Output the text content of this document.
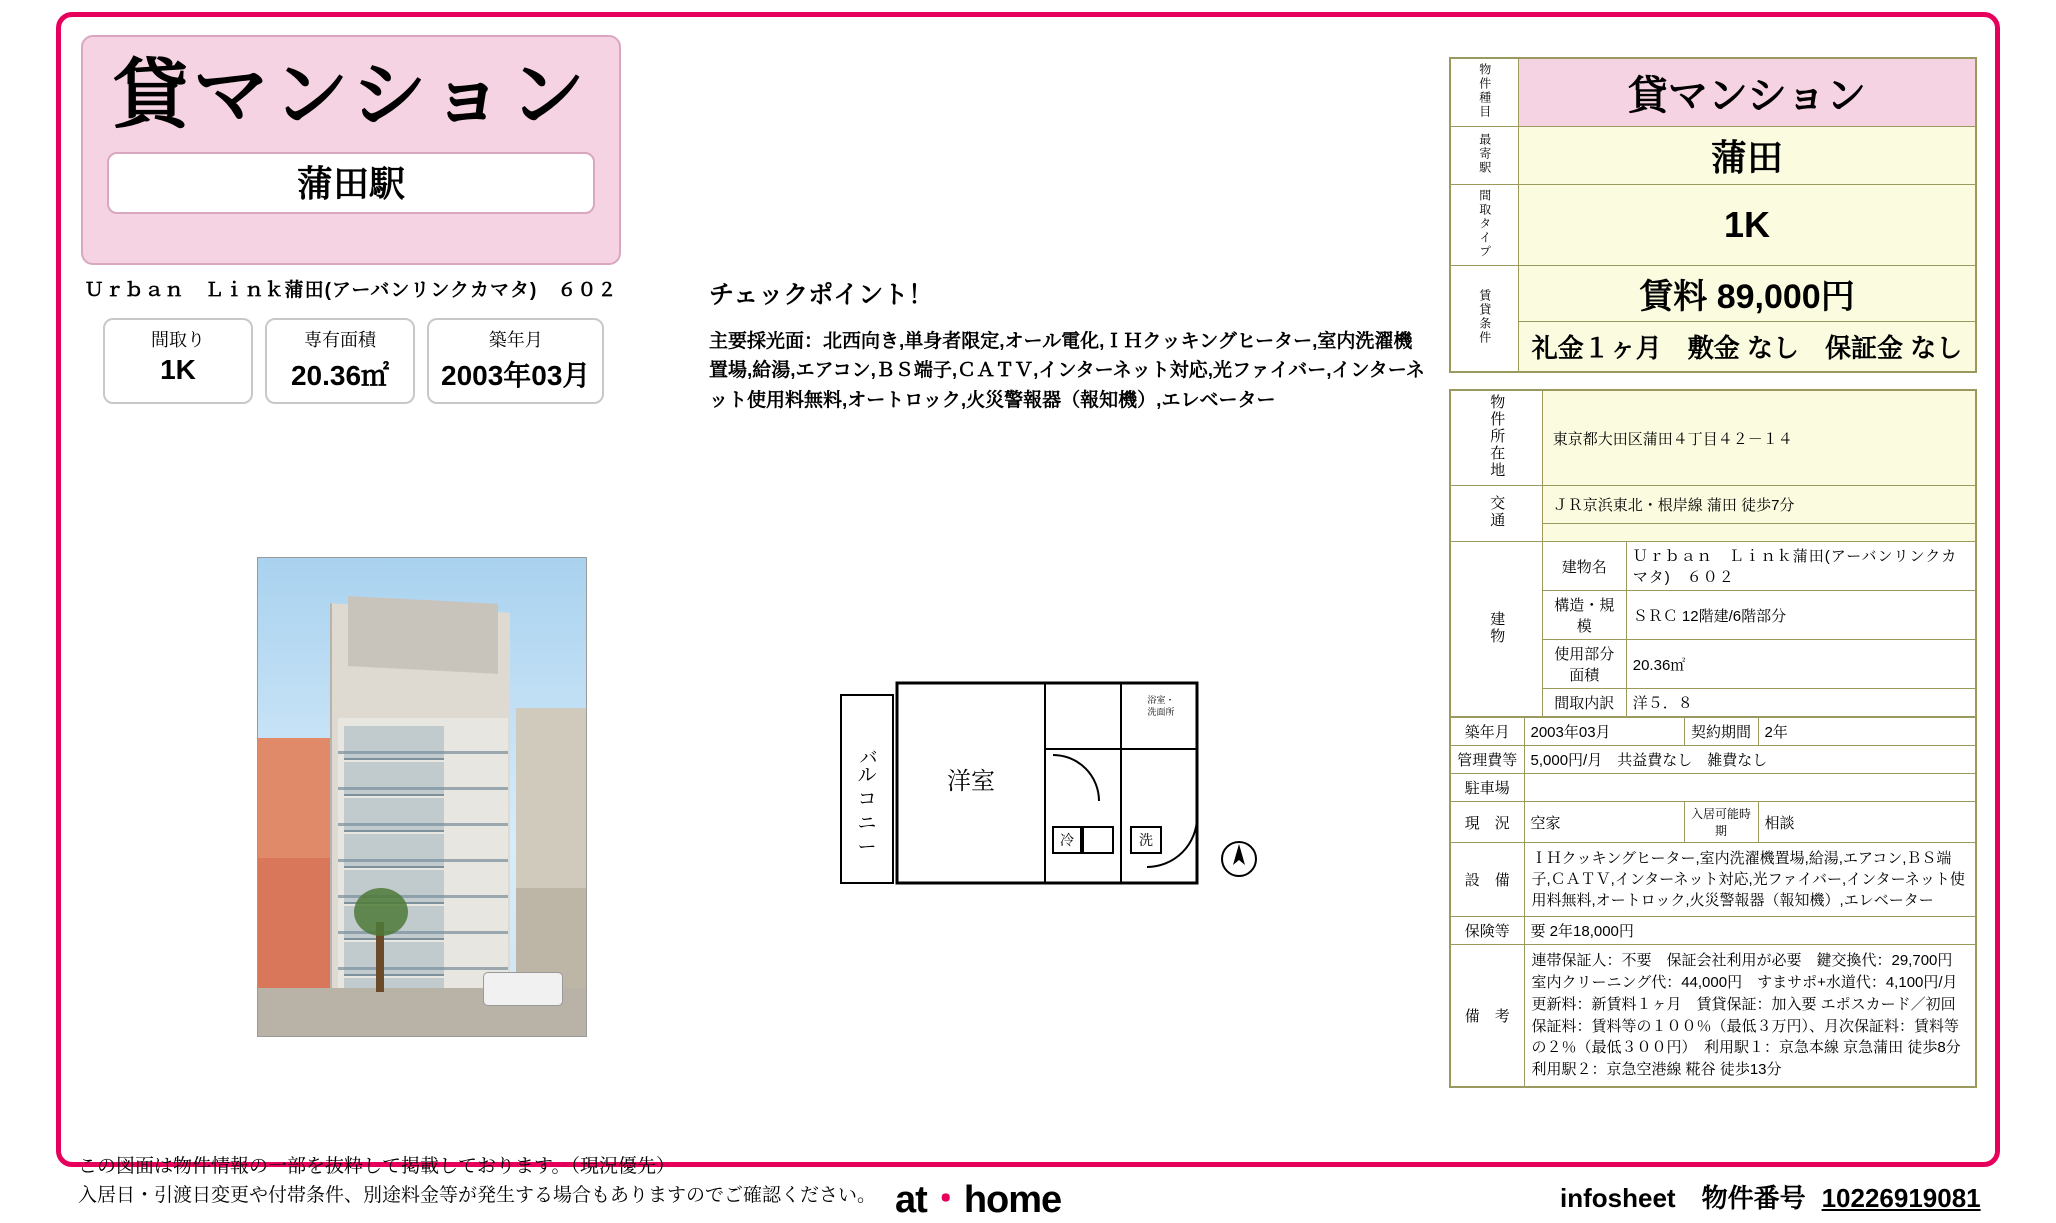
貸マンション
蒲田駅
Ｕｒｂａｎ　Ｌｉｎｋ蒲田(アーバンリンクカマタ)　６０２
間取り
1K
専有面積
20.36㎡
築年月
2003年03月
チェックポイント！
主要採光面：北西向き,単身者限定,オール電化,ＩＨクッキングヒーター,室内洗濯機置場,給湯,エアコン,ＢＳ端子,ＣＡＴＶ,インターネット対応,光ファイバー,インターネット使用料無料,オートロック,火災警報器（報知機）,エレベーター
バ
ル
コ
ニ
ー
洋室
冷	洗
浴室・
洗面所
物件種目	貸マンション
最寄駅	蒲田
間取タイプ	1K
賃貸条件	賃料 89,000円
	礼金１ヶ月　敷金 なし　保証金 なし
物件所在地	東京都大田区蒲田４丁目４２－１４	
交通	ＪＲ京浜東北・根岸線 蒲田 徒歩7分	

建物	建物名	Ｕｒｂａｎ　Ｌｉｎｋ蒲田(アーバンリンクカマタ)　６０２
	構造・規模	ＳＲＣ 12階建/6階部分
	使用部分面積	20.36㎡
	間取内訳	洋５．８
築年月	2003年03月	契約期間	2年
管理費等	5,000円/月　共益費なし　雑費なし		
駐車場			
現　況	空家	入居可能時期	相談
設　備	ＩＨクッキングヒーター,室内洗濯機置場,給湯,エアコン,ＢＳ端子,ＣＡＴＶ,インターネット対応,光ファイバー,インターネット使用料無料,オートロック,火災警報器（報知機）,エレベーター		
保険等	要 2年18,000円		
備　考	連帯保証人：不要　保証会社利用が必要　鍵交換代：29,700円　室内クリーニング代：44,000円　すまサポ+水道代：4,100円/月　更新料：新賃料１ヶ月　賃貸保証：加入要 エポスカード／初回保証料：賃料等の１００％（最低３万円）、月次保証料：賃料等の２％（最低３００円）　利用駅１：京急本線 京急蒲田 徒歩8分　利用駅２：京急空港線 糀谷 徒歩13分		
この図面は物件情報の一部を抜粋して掲載しております。（現況優先）
入居日・引渡日変更や付帯条件、別途料金等が発生する場合もありますのでご確認ください。 at・home	infosheet　物件番号 10226919081
